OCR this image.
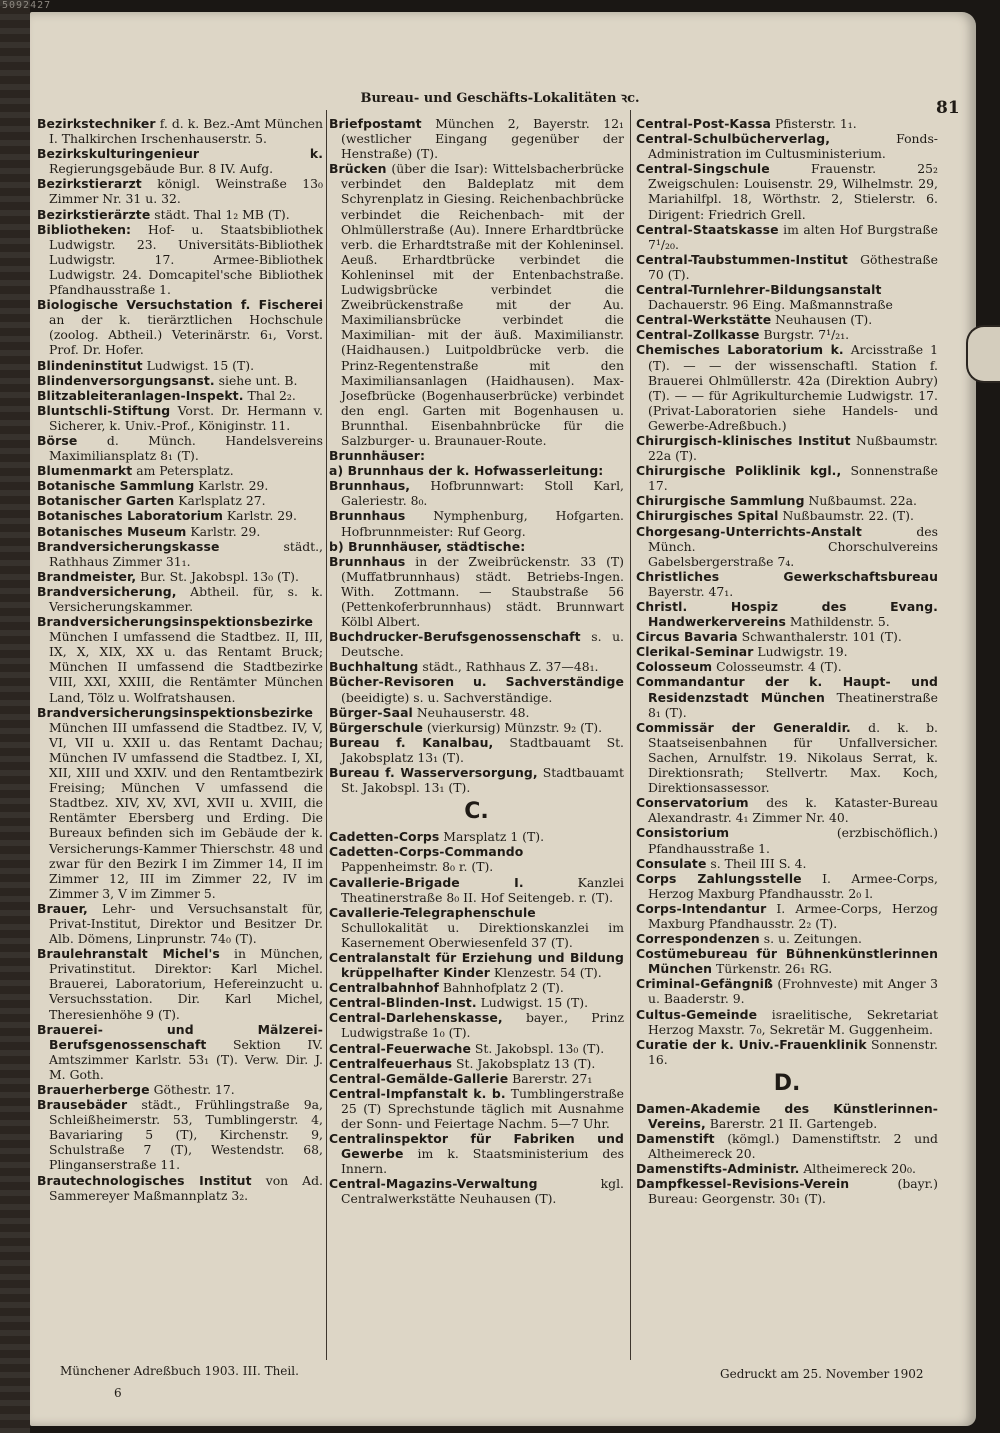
5092427
Bureau- und Geschäfts-Lokalitäten ꝛc.	81
Bezirkstechniker f. d. k. Bez.-Amt München I. Thalkirchen Irschenhauserstr. 5.
Bezirkskulturingenieur k. Regierungsgebäude Bur. 8 IV. Aufg.
Bezirkstierarzt königl. Weinstraße 13₀ Zimmer Nr. 31 u. 32.
Bezirkstierärzte städt. Thal 1₂ MB (T).
Bibliotheken: Hof- u. Staatsbibliothek Ludwigstr. 23. Universitäts-Bibliothek Ludwigstr. 17. Armee-Bibliothek Ludwigstr. 24. Domcapitel'sche Bibliothek Pfandhausstraße 1.
Biologische Versuchstation f. Fischerei an der k. tierärztlichen Hochschule (zoolog. Abtheil.) Veterinärstr. 6₁, Vorst. Prof. Dr. Hofer.
Blindeninstitut Ludwigst. 15 (T).
Blindenversorgungsanst. siehe unt. B.
Blitzableiteranlagen-Inspekt. Thal 2₂.
Bluntschli-Stiftung Vorst. Dr. Hermann v. Sicherer, k. Univ.-Prof., Königinstr. 11.
Börse d. Münch. Handelsvereins Maximiliansplatz 8₁ (T).
Blumenmarkt am Petersplatz.
Botanische Sammlung Karlstr. 29.
Botanischer Garten Karlsplatz 27.
Botanisches Laboratorium Karlstr. 29.
Botanisches Museum Karlstr. 29.
Brandversicherungskasse städt., Rathhaus Zimmer 31₁.
Brandmeister, Bur. St. Jakobspl. 13₀ (T).
Brandversicherung, Abtheil. für, s. k. Versicherungskammer.
Brandversicherungsinspektionsbezirke München I umfassend die Stadtbez. II, III, IX, X, XIX, XX u. das Rentamt Bruck; München II umfassend die Stadtbezirke VIII, XXI, XXIII, die Rentämter München Land, Tölz u. Wolfratshausen.
Brandversicherungsinspektionsbezirke München III umfassend die Stadtbez. IV, V, VI, VII u. XXII u. das Rentamt Dachau; München IV umfassend die Stadtbez. I, XI, XII, XIII und XXIV. und den Rentamtbezirk Freising; München V umfassend die Stadtbez. XIV, XV, XVI, XVII u. XVIII, die Rentämter Ebersberg und Erding. Die Bureaux befinden sich im Gebäude der k. Versicherungs-Kammer Thierschstr. 48 und zwar für den Bezirk I im Zimmer 14, II im Zimmer 12, III im Zimmer 22, IV im Zimmer 3, V im Zimmer 5.
Brauer, Lehr- und Versuchsanstalt für, Privat-Institut, Direktor und Besitzer Dr. Alb. Dömens, Linprunstr. 74₀ (T).
Braulehranstalt Michel's in München, Privatinstitut. Direktor: Karl Michel. Brauerei, Laboratorium, Hefereinzucht u. Versuchsstation. Dir. Karl Michel, Theresienhöhe 9 (T).
Brauerei- und Mälzerei-Berufsgenossenschaft Sektion IV. Amtszimmer Karlstr. 53₁ (T). Verw. Dir. J. M. Goth.
Brauerherberge Göthestr. 17.
Brausebäder städt., Frühlingstraße 9a, Schleißheimerstr. 53, Tumblingerstr. 4, Bavariaring 5 (T), Kirchenstr. 9, Schulstraße 7 (T), Westendstr. 68, Plinganserstraße 11.
Brautechnologisches Institut von Ad. Sammereyer Maßmannplatz 3₂.
Briefpostamt München 2, Bayerstr. 12₁ (westlicher Eingang gegenüber der Henstraße) (T).
Brücken (über die Isar): Wittelsbacherbrücke verbindet den Baldeplatz mit dem Schyrenplatz in Giesing. Reichenbachbrücke verbindet die Reichenbach- mit der Ohlmüllerstraße (Au). Innere Erhardtbrücke verb. die Erhardtstraße mit der Kohleninsel. Aeuß. Erhardtbrücke verbindet die Kohleninsel mit der Entenbachstraße. Ludwigsbrücke verbindet die Zweibrückenstraße mit der Au. Maximiliansbrücke verbindet die Maximilian- mit der äuß. Maximilianstr. (Haidhausen.) Luitpoldbrücke verb. die Prinz-Regentenstraße mit den Maximiliansanlagen (Haidhausen). Max-Josefbrücke (Bogenhauserbrücke) verbindet den engl. Garten mit Bogenhausen u. Brunnthal. Eisenbahnbrücke für die Salzburger- u. Braunauer-Route.
Brunnhäuser:
a) Brunnhaus der k. Hofwasserleitung:
Brunnhaus, Hofbrunnwart: Stoll Karl, Galeriestr. 8₀.
Brunnhaus Nymphenburg, Hofgarten. Hofbrunnmeister: Ruf Georg.
b) Brunnhäuser, städtische:
Brunnhaus in der Zweibrückenstr. 33 (T) (Muffatbrunnhaus) städt. Betriebs-Ingen. With. Zottmann. — Staubstraße 56 (Pettenkoferbrunnhaus) städt. Brunnwart Kölbl Albert.
Buchdrucker-Berufsgenossenschaft s. u. Deutsche.
Buchhaltung städt., Rathhaus Z. 37—48₁.
Bücher-Revisoren u. Sachverständige (beeidigte) s. u. Sachverständige.
Bürger-Saal Neuhauserstr. 48.
Bürgerschule (vierkursig) Münzstr. 9₂ (T).
Bureau f. Kanalbau, Stadtbauamt St. Jakobsplatz 13₁ (T).
Bureau f. Wasserversorgung, Stadtbauamt St. Jakobspl. 13₁ (T).
C.
Cadetten-Corps Marsplatz 1 (T).
Cadetten-Corps-Commando Pappenheimstr. 8₀ r. (T).
Cavallerie-Brigade I. Kanzlei Theatinerstraße 8₀ II. Hof Seitengeb. r. (T).
Cavallerie-Telegraphenschule Schullokalität u. Direktionskanzlei im Kasernement Oberwiesenfeld 37 (T).
Centralanstalt für Erziehung und Bildung krüppelhafter Kinder Klenzestr. 54 (T).
Centralbahnhof Bahnhofplatz 2 (T).
Central-Blinden-Inst. Ludwigst. 15 (T).
Central-Darlehenskasse, bayer., Prinz Ludwigstraße 1₀ (T).
Central-Feuerwache St. Jakobspl. 13₀ (T).
Centralfeuerhaus St. Jakobsplatz 13 (T).
Central-Gemälde-Gallerie Barerstr. 27₁
Central-Impfanstalt k. b. Tumblingerstraße 25 (T) Sprechstunde täglich mit Ausnahme der Sonn- und Feiertage Nachm. 5—7 Uhr.
Centralinspektor für Fabriken und Gewerbe im k. Staatsministerium des Innern.
Central-Magazins-Verwaltung kgl. Centralwerkstätte Neuhausen (T).
Central-Post-Kassa Pfisterstr. 1₁.
Central-Schulbücherverlag, Fonds-Administration im Cultusministerium.
Central-Singschule Frauenstr. 25₂ Zweigschulen: Louisenstr. 29, Wilhelmstr. 29, Mariahilfpl. 18, Wörthstr. 2, Stielerstr. 6. Dirigent: Friedrich Grell.
Central-Staatskasse im alten Hof Burgstraße 7¹/₂₀.
Central-Taubstummen-Institut Göthestraße 70 (T).
Central-Turnlehrer-Bildungsanstalt Dachauerstr. 96 Eing. Maßmannstraße
Central-Werkstätte Neuhausen (T).
Central-Zollkasse Burgstr. 7¹/₂₁.
Chemisches Laboratorium k. Arcisstraße 1 (T). — — der wissenschaftl. Station f. Brauerei Ohlmüllerstr. 42a (Direktion Aubry) (T). — — für Agrikulturchemie Ludwigstr. 17. (Privat-Laboratorien siehe Handels- und Gewerbe-Adreßbuch.)
Chirurgisch-klinisches Institut Nußbaumstr. 22a (T).
Chirurgische Poliklinik kgl., Sonnenstraße 17.
Chirurgische Sammlung Nußbaumst. 22a.
Chirurgisches Spital Nußbaumstr. 22. (T).
Chorgesang-Unterrichts-Anstalt des Münch. Chorschulvereins Gabelsbergerstraße 7₄.
Christliches Gewerkschaftsbureau Bayerstr. 47₁.
Christl. Hospiz des Evang. Handwerkervereins Mathildenstr. 5.
Circus Bavaria Schwanthalerstr. 101 (T).
Clerikal-Seminar Ludwigstr. 19.
Colosseum Colosseumstr. 4 (T).
Commandantur der k. Haupt- und Residenzstadt München Theatinerstraße 8₁ (T).
Commissär der Generaldir. d. k. b. Staatseisenbahnen für Unfallversicher. Sachen, Arnulfstr. 19. Nikolaus Serrat, k. Direktionsrath; Stellvertr. Max. Koch, Direktionsassessor.
Conservatorium des k. Kataster-Bureau Alexandrastr. 4₁ Zimmer Nr. 40.
Consistorium (erzbischöflich.) Pfandhausstraße 1.
Consulate s. Theil III S. 4.
Corps Zahlungsstelle I. Armee-Corps, Herzog Maxburg Pfandhausstr. 2₀ l.
Corps-Intendantur I. Armee-Corps, Herzog Maxburg Pfandhausstr. 2₂ (T).
Correspondenzen s. u. Zeitungen.
Costümebureau für Bühnenkünstlerinnen München Türkenstr. 26₁ RG.
Criminal-Gefängniß (Frohnveste) mit Anger 3 u. Baaderstr. 9.
Cultus-Gemeinde israelitische, Sekretariat Herzog Maxstr. 7₀, Sekretär M. Guggenheim.
Curatie der k. Univ.-Frauenklinik Sonnenstr. 16.
D.
Damen-Akademie des Künstlerinnen-Vereins, Barerstr. 21 II. Gartengeb.
Damenstift (kömgl.) Damenstiftstr. 2 und Altheimereck 20.
Damenstifts-Administr. Altheimereck 20₀.
Dampfkessel-Revisions-Verein (bayr.) Bureau: Georgenstr. 30₁ (T).
Münchener Adreßbuch 1903. III. Theil.
6
Gedruckt am 25. November 1902
